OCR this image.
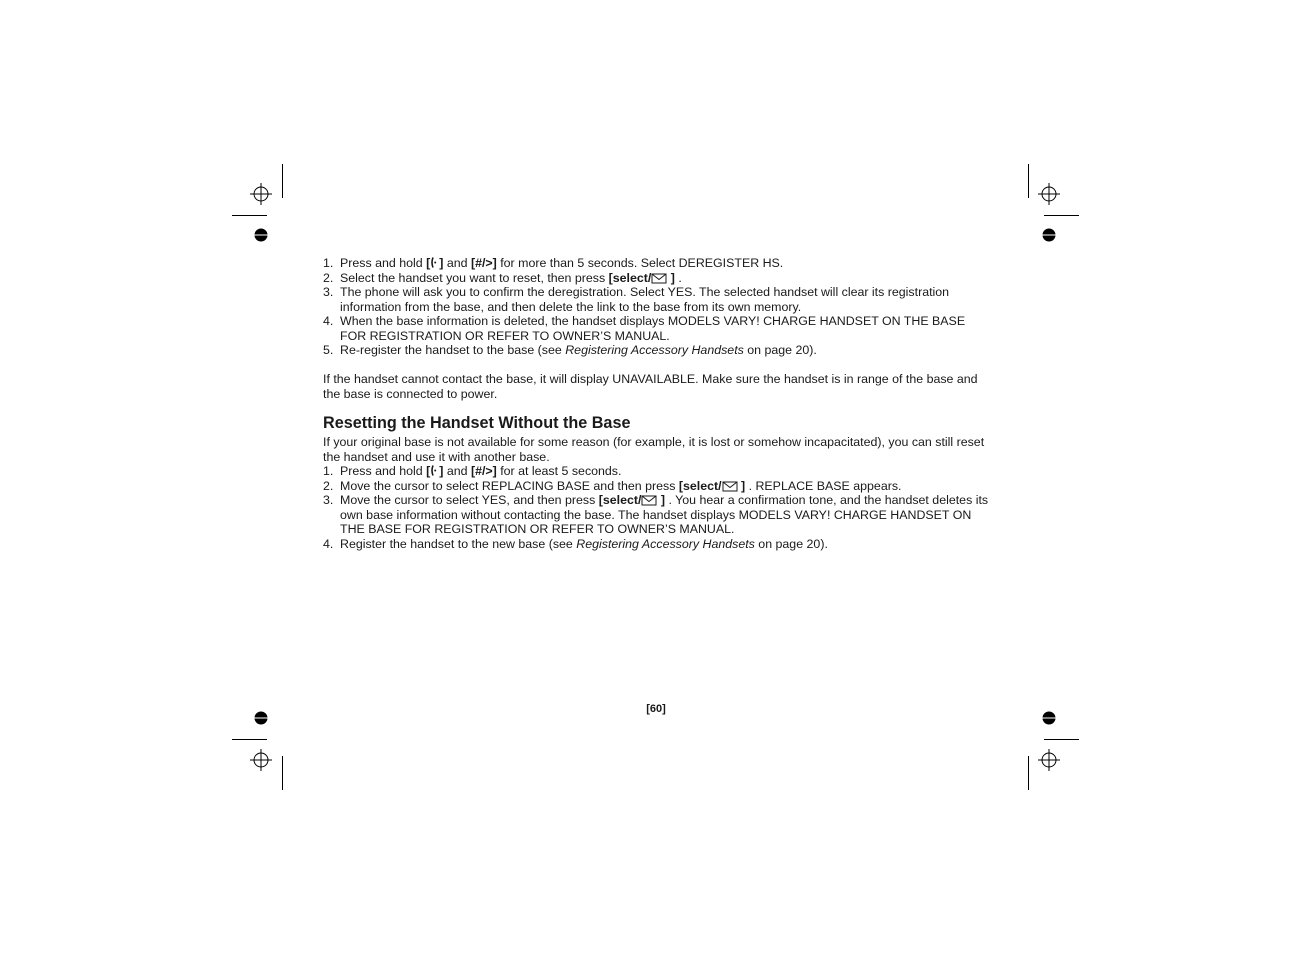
1. Press and hold [ ] and [#/>] for more than 5 seconds. Select DEREGISTER HS.
2. Select the handset you want to reset, then press [select/ ] .
3. The phone will ask you to confirm the deregistration. Select YES. The selected handset will clear its registration information from the base, and then delete the link to the base from its own memory.
4. When the base information is deleted, the handset displays MODELS VARY! CHARGE HANDSET ON THE BASE FOR REGISTRATION OR REFER TO OWNER’S MANUAL.
5. Re-register the handset to the base (see Registering Accessory Handsets on page 20).

If the handset cannot contact the base, it will display UNAVAILABLE. Make sure the handset is in range of the base and the base is connected to power.

Resetting the Handset Without the Base

If your original base is not available for some reason (for example, it is lost or somehow incapacitated), you can still reset the handset and use it with another base.

1. Press and hold [ ] and [#/>] for at least 5 seconds.
2. Move the cursor to select REPLACING BASE and then press [select/ ] . REPLACE BASE appears.
3. Move the cursor to select YES, and then press [select/ ] . You hear a confirmation tone, and the handset deletes its own base information without contacting the base. The handset displays MODELS VARY! CHARGE HANDSET ON THE BASE FOR REGISTRATION OR REFER TO OWNER’S MANUAL.
4. Register the handset to the new base (see Registering Accessory Handsets on page 20).
[60]
